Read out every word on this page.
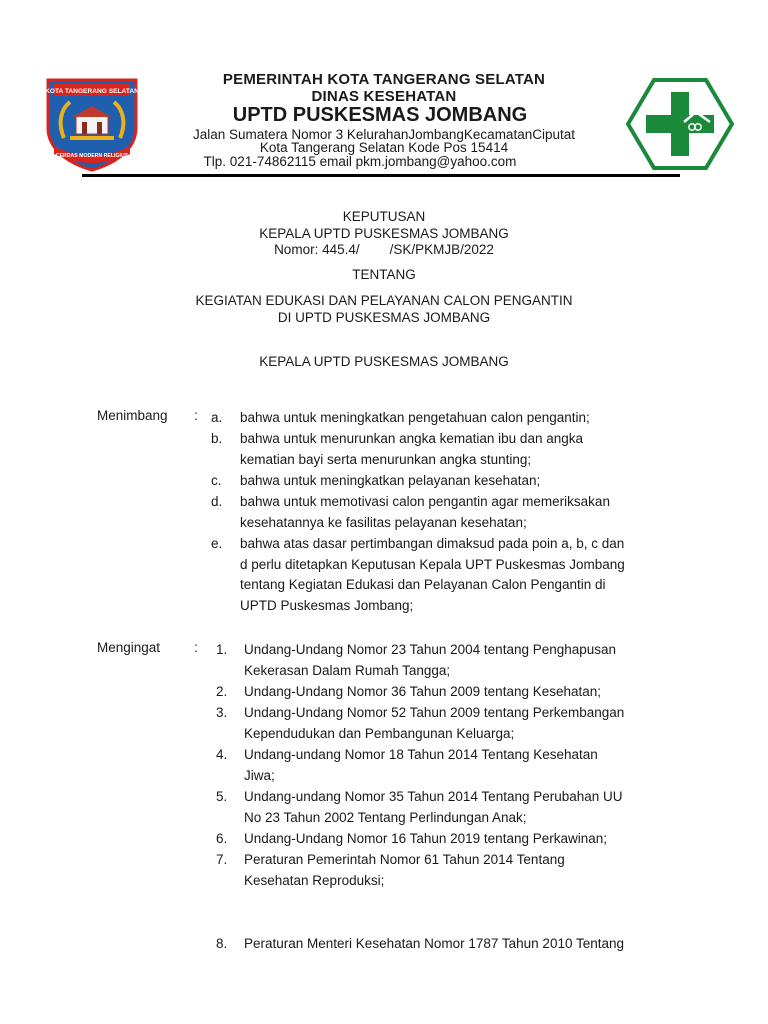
KOTA TANGERANG SELATAN
CERDAS MODERN RELIGIUS
PEMERINTAH KOTA TANGERANG SELATAN
DINAS KESEHATAN
UPTD PUSKESMAS JOMBANG
Jalan Sumatera Nomor 3 KelurahanJombangKecamatanCiputat
Kota Tangerang Selatan Kode Pos 15414
Tlp. 021-74862115 email pkm.jombang@yahoo.com
KEPUTUSAN
KEPALA UPTD PUSKESMAS JOMBANG
Nomor: 445.4/        /SK/PKMJB/2022
TENTANG
KEGIATAN EDUKASI DAN PELAYANAN CALON PENGANTIN
DI UPTD PUSKESMAS JOMBANG
KEPALA UPTD PUSKESMAS JOMBANG
Menimbang : a. bahwa untuk meningkatkan pengetahuan calon pengantin;
b. bahwa untuk menurunkan angka kematian ibu dan angka
kematian bayi serta menurunkan angka stunting;
c. bahwa untuk meningkatkan pelayanan kesehatan;
d. bahwa untuk memotivasi calon pengantin agar memeriksakan
kesehatannya ke fasilitas pelayanan kesehatan;
e. bahwa atas dasar pertimbangan dimaksud pada poin a, b, c dan
d perlu ditetapkan Keputusan Kepala UPT Puskesmas Jombang
tentang Kegiatan Edukasi dan Pelayanan Calon Pengantin di
UPTD Puskesmas Jombang;
Mengingat	: 1. Undang-Undang Nomor 23 Tahun 2004 tentang Penghapusan
Kekerasan Dalam Rumah Tangga;
2. Undang-Undang Nomor 36 Tahun 2009 tentang Kesehatan;
3. Undang-Undang Nomor 52 Tahun 2009 tentang Perkembangan
Kependudukan dan Pembangunan Keluarga;
4. Undang-undang Nomor 18 Tahun 2014 Tentang Kesehatan
Jiwa;
5. Undang-undang Nomor 35 Tahun 2014 Tentang Perubahan UU
No 23 Tahun 2002 Tentang Perlindungan Anak;
6. Undang-Undang Nomor 16 Tahun 2019 tentang Perkawinan;
7. Peraturan Pemerintah Nomor 61 Tahun 2014 Tentang
Kesehatan Reproduksi;
8. Peraturan Menteri Kesehatan Nomor 1787 Tahun 2010 Tentang
